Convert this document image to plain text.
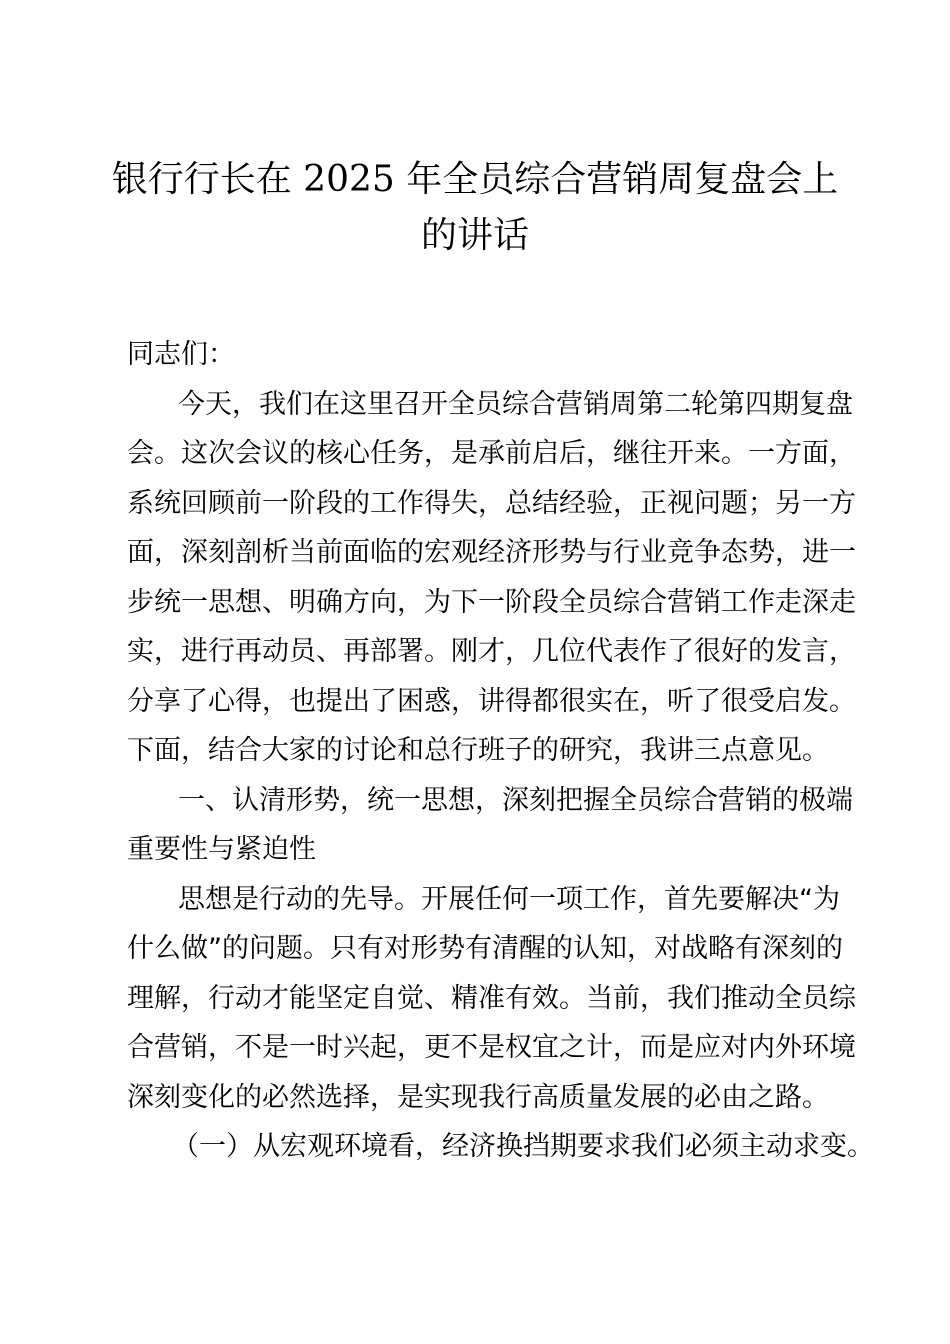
银行行长在 2025 年全员综合营销周复盘会上
的讲话
同志们：
今天，我们在这里召开全员综合营销周第二轮第四期复盘
会。这次会议的核心任务，是承前启后，继往开来。一方面，
系统回顾前一阶段的工作得失，总结经验，正视问题；另一方
面，深刻剖析当前面临的宏观经济形势与行业竞争态势，进一
步统一思想、明确方向，为下一阶段全员综合营销工作走深走
实，进行再动员、再部署。刚才，几位代表作了很好的发言，
分享了心得，也提出了困惑，讲得都很实在，听了很受启发。
下面，结合大家的讨论和总行班子的研究，我讲三点意见。
一、认清形势，统一思想，深刻把握全员综合营销的极端
重要性与紧迫性
思想是行动的先导。开展任何一项工作，首先要解决“为
什么做”的问题。只有对形势有清醒的认知，对战略有深刻的
理解，行动才能坚定自觉、精准有效。当前，我们推动全员综
合营销，不是一时兴起，更不是权宜之计，而是应对内外环境
深刻变化的必然选择，是实现我行高质量发展的必由之路。
（一）从宏观环境看，经济换挡期要求我们必须主动求变。
